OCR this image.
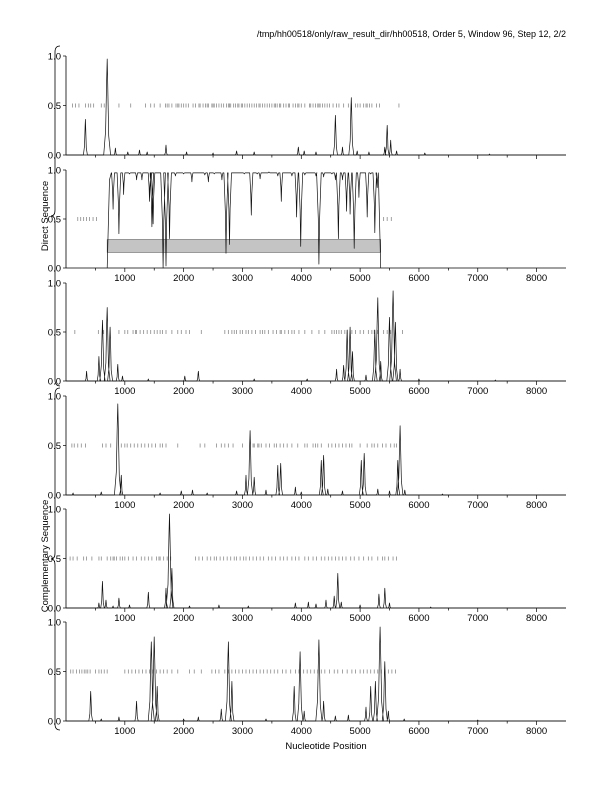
/tmp/hh00518/only/raw_result_dir/hh00518, Order 5, Window 96, Step 12, 2/2
0.0
0.5
1.0
0.0
0.5
1.0
1000	2000	3000	4000	5000	6000	7000	8000
0.0
0.5
1.0
1000	2000	3000	4000	5000	6000	7000	8000
0.0
0.5
1.0
1000	2000	3000	4000	5000	6000	7000	8000
0.0
0.5
1.0
1000	2000	3000	4000	5000	6000	7000	8000
0.0
0.5
1.0
1000	2000	3000	4000	5000	6000	7000	8000
Nucleotide Position
Direct Sequence
Complementary Sequence
